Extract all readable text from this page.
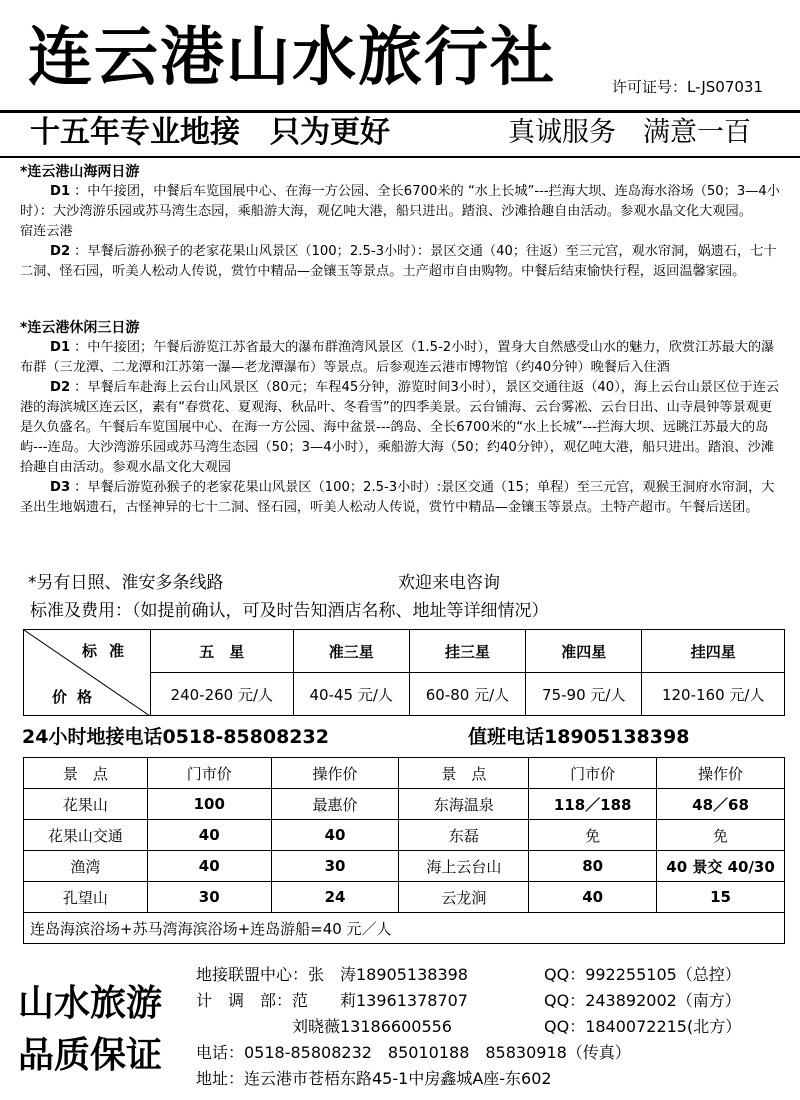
连云港山水旅行社	许可证号：L-JS07031
十五年专业地接　只为更好	真诚服务　满意一百
*连云港山海两日游
D1 ：中午接团，中餐后车览国展中心、在海一方公园、全长6700米的 “水上长城”---拦海大坝、连岛海水浴场（50；3—4小时）：大沙湾游乐园或苏马湾生态园，乘船游大海，观亿吨大港，船只进出。踏浪、沙滩拾趣自由活动。参观水晶文化大观园。　　　宿连云港
D2 ：早餐后游孙猴子的老家花果山风景区（100；2.5-3小时）：景区交通（40；往返）至三元宫，观水帘洞，娲遗石，七十二洞、怪石园，听美人松动人传说，赏竹中精品—金镶玉等景点。土产超市自由购物。中餐后结束愉快行程，返回温馨家园。
*连云港休闲三日游
D1 ：中午接团；午餐后游览江苏省最大的瀑布群渔湾风景区（1.5-2小时），置身大自然感受山水的魅力，欣赏江苏最大的瀑布群（三龙潭、二龙潭和江苏第一瀑—老龙潭瀑布）等景点。后参观连云港市博物馆（约40分钟）晚餐后入住酒
D2 ：早餐后车赴海上云台山风景区（80元；车程45分钟，游览时间3小时），景区交通往返（40），海上云台山景区位于连云港的海滨城区连云区，素有“春赏花、夏观海、秋品叶、冬看雪”的四季美景。云台铺海、云台雾凇、云台日出、山寺晨钟等景观更是久负盛名。午餐后车览国展中心、在海一方公园、海中盆景---鸽岛、全长6700米的“水上长城”---拦海大坝、远眺江苏最大的岛屿---连岛。大沙湾游乐园或苏马湾生态园（50；3—4小时），乘船游大海（50；约40分钟），观亿吨大港，船只进出。踏浪、沙滩拾趣自由活动。参观水晶文化大观园
D3 ：早餐后游览孙猴子的老家花果山风景区（100；2.5-3小时）:景区交通（15；单程）至三元宫，观猴王洞府水帘洞，大圣出生地娲遗石，古怪神异的七十二洞、怪石园，听美人松动人传说，赏竹中精品—金镶玉等景点。土特产超市。午餐后送团。
*另有日照、淮安多条线路	欢迎来电咨询
标准及费用：（如提前确认，可及时告知酒店名称、地址等详细情况）
标准
价格	五　星	准三星	挂三星	准四星	挂四星
	240-260 元/人	40-45 元/人	60-80 元/人	75-90 元/人	120-160 元/人
24小时地接电话0518-85808232	值班电话18905138398
景　点	门市价	操作价	景　点	门市价	操作价
花果山	100	最惠价	东海温泉	118／188	48／68
花果山交通	40	40	东磊	免	免
渔湾	40	30	海上云台山	80	40 景交 40/30
孔望山	30	24	云龙涧	40	15
连岛海滨浴场+苏马湾海滨浴场+连岛游船=40 元／人					
山水旅游
品质保证
地接联盟中心：张　涛18905138398	QQ：992255105（总控）
计　调　部：范　　莉13961378707	QQ：243892002（南方）
　　　　　　刘晓薇13186600556	QQ：1840072215(北方）
电话：0518-85808232　85010188　85830918（传真）
地址：连云港市苍梧东路45-1中房鑫城A座-东602
